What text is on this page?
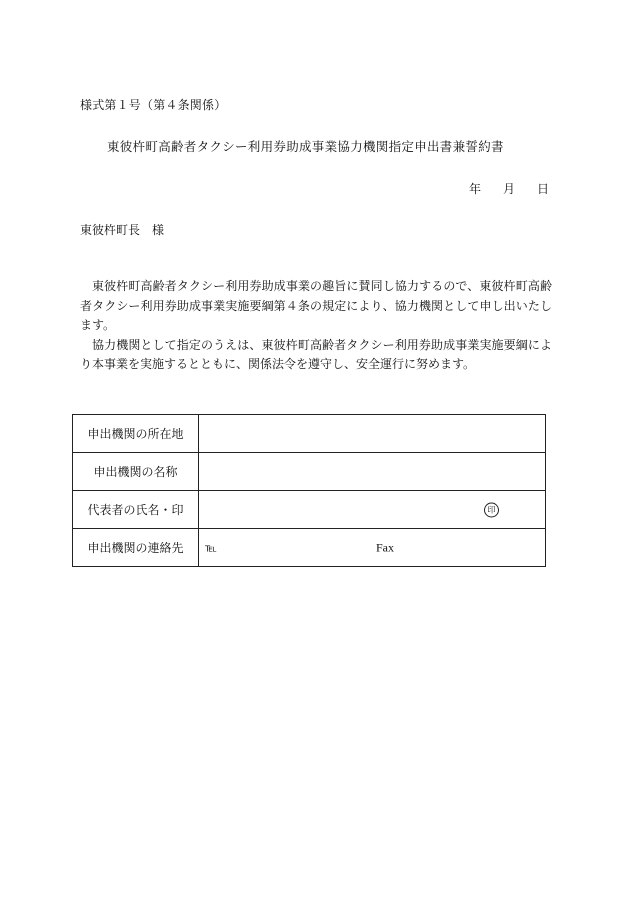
様式第１号（第４条関係）
東彼杵町高齢者タクシー利用券助成事業協力機関指定申出書兼誓約書
年 月 日
東彼杵町長 様

東彼杵町高齢者タクシー利用券助成事業の趣旨に賛同し協力するので、東彼杵町高齢者タクシー利用券助成事業実施要綱第４条の規定により、協力機関として申し出いたします。

協力機関として指定のうえは、東彼杵町高齢者タクシー利用券助成事業実施要綱により本事業を実施するとともに、関係法令を遵守し、安全運行に努めます。

申出機関の所在地	
申出機関の名称	
代表者の氏名・印	印

申出機関の連絡先	℡ Fax
